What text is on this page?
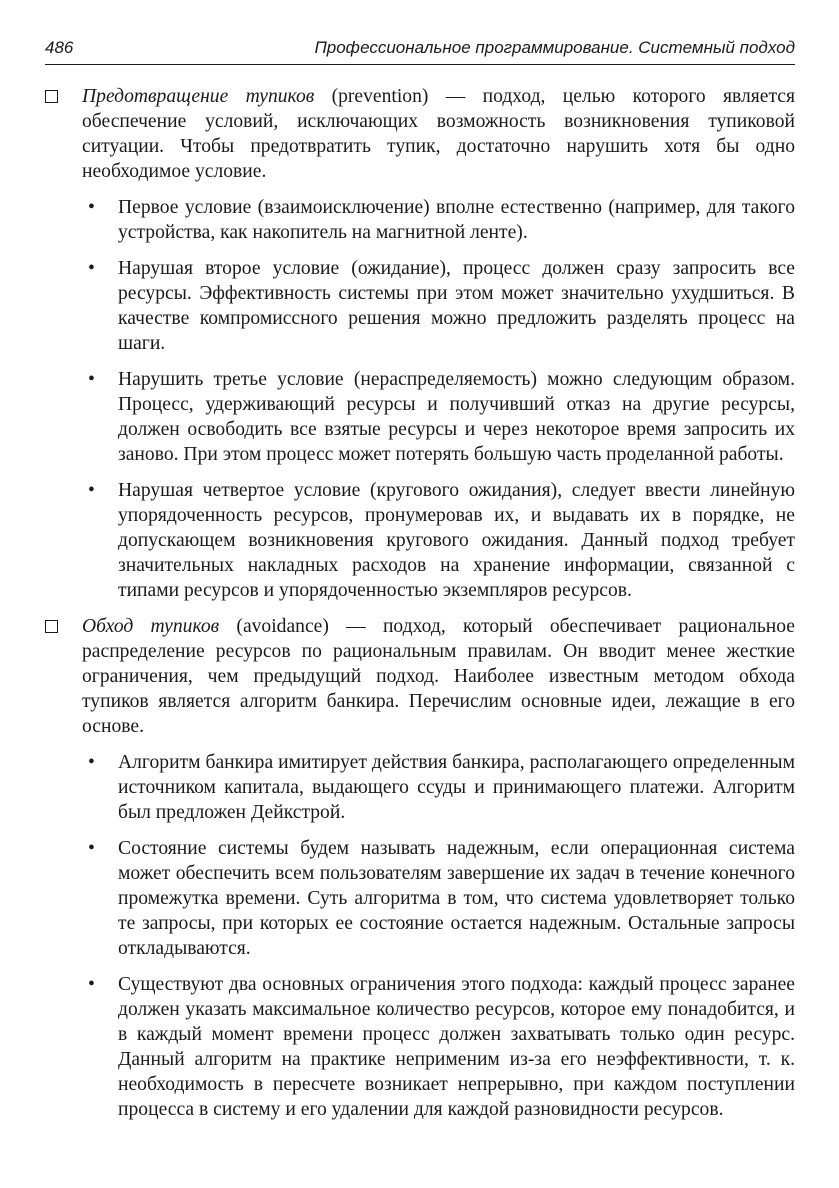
486	Профессиональное программирование. Системный подход
Предотвращение тупиков (prevention) — подход, целью которого является обеспечение условий, исключающих возможность возникновения тупиковой ситуации. Чтобы предотвратить тупик, достаточно нарушить хотя бы одно необходимое условие.
• Первое условие (взаимоисключение) вполне естественно (например, для такого устройства, как накопитель на магнитной ленте).
• Нарушая второе условие (ожидание), процесс должен сразу запросить все ресурсы. Эффективность системы при этом может значительно ухудшиться. В качестве компромиссного решения можно предложить разделять процесс на шаги.
• Нарушить третье условие (нераспределяемость) можно следующим образом. Процесс, удерживающий ресурсы и получивший отказ на другие ресурсы, должен освободить все взятые ресурсы и через некоторое время запросить их заново. При этом процесс может потерять большую часть проделанной работы.
• Нарушая четвертое условие (кругового ожидания), следует ввести линейную упорядоченность ресурсов, пронумеровав их, и выдавать их в порядке, не допускающем возникновения кругового ожидания. Данный подход требует значительных накладных расходов на хранение информации, связанной с типами ресурсов и упорядоченностью экземпляров ресурсов.
Обход тупиков (avoidance) — подход, который обеспечивает рациональное распределение ресурсов по рациональным правилам. Он вводит менее жесткие ограничения, чем предыдущий подход. Наиболее известным методом обхода тупиков является алгоритм банкира. Перечислим основные идеи, лежащие в его основе.
• Алгоритм банкира имитирует действия банкира, располагающего определенным источником капитала, выдающего ссуды и принимающего платежи. Алгоритм был предложен Дейкстрой.
• Состояние системы будем называть надежным, если операционная система может обеспечить всем пользователям завершение их задач в течение конечного промежутка времени. Суть алгоритма в том, что система удовлетворяет только те запросы, при которых ее состояние остается надежным. Остальные запросы откладываются.
• Существуют два основных ограничения этого подхода: каждый процесс заранее должен указать максимальное количество ресурсов, которое ему понадобится, и в каждый момент времени процесс должен захватывать только один ресурс. Данный алгоритм на практике неприменим из-за его неэффективности, т. к. необходимость в пересчете возникает непрерывно, при каждом поступлении процесса в систему и его удалении для каждой разновидности ресурсов.
